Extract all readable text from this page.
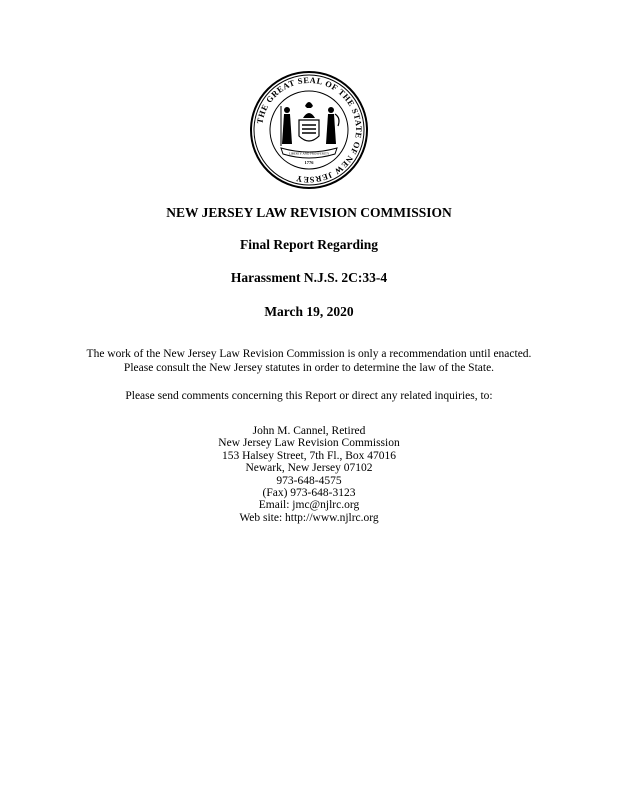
THE GREAT SEAL OF THE STATE OF NEW JERSEY
LIBERTY AND PROSPERITY
1776
NEW JERSEY LAW REVISION COMMISSION
Final Report Regarding
Harassment N.J.S. 2C:33-4
March 19, 2020
The work of the New Jersey Law Revision Commission is only a recommendation until enacted.
Please consult the New Jersey statutes in order to determine the law of the State.
Please send comments concerning this Report or direct any related inquiries, to:
John M. Cannel, Retired
New Jersey Law Revision Commission
153 Halsey Street, 7th Fl., Box 47016
Newark, New Jersey 07102
973-648-4575
(Fax) 973-648-3123
Email: jmc@njlrc.org
Web site: http://www.njlrc.org
